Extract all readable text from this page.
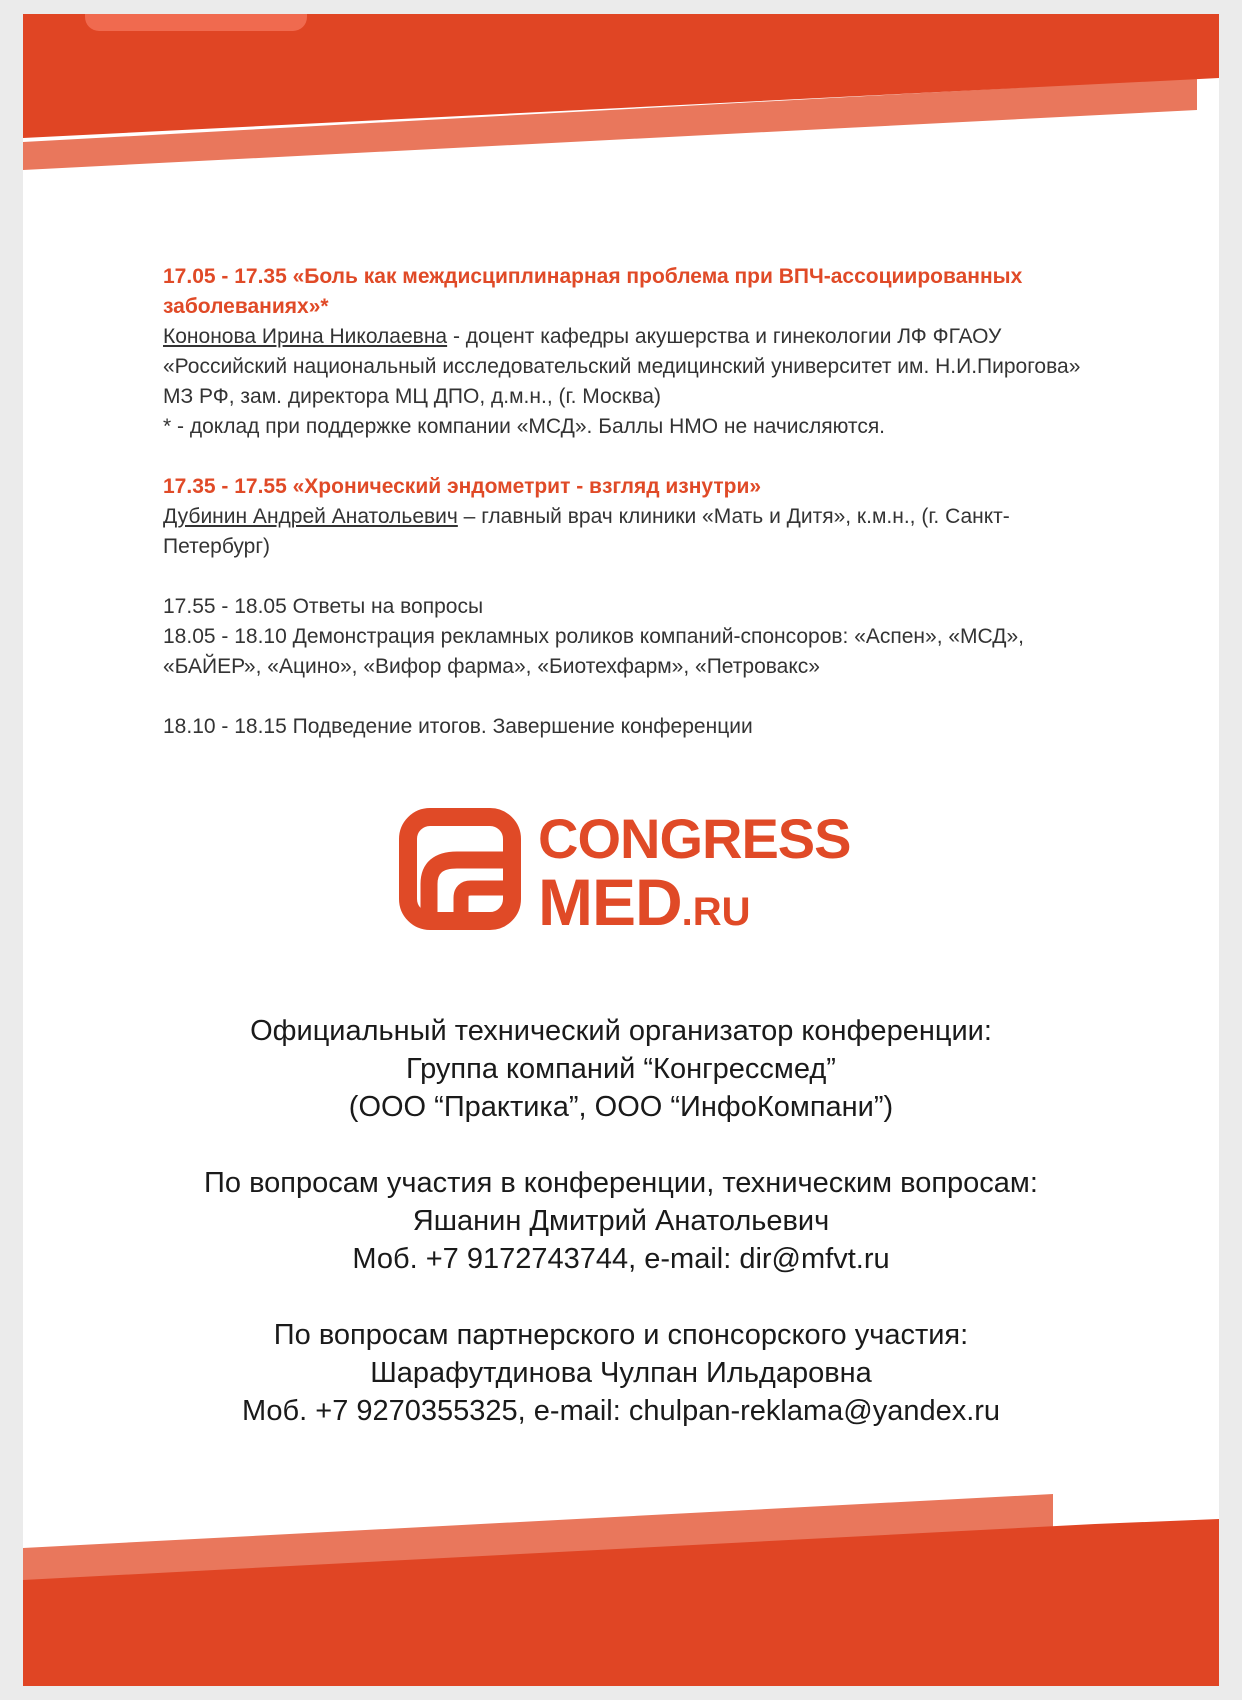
17.05 - 17.35 «Боль как междисциплинарная проблема при ВПЧ-ассоциированных заболеваниях»*

Кононова Ирина Николаевна - доцент кафедры акушерства и гинекологии ЛФ ФГАОУ «Российский национальный исследовательский медицинский университет им. Н.И.Пирогова» МЗ РФ, зам. директора МЦ ДПО, д.м.н., (г. Москва)

* - доклад при поддержке компании «МСД». Баллы НМО не начисляются.

17.35 - 17.55 «Хронический эндометрит - взгляд изнутри»

Дубинин Андрей Анатольевич – главный врач клиники «Мать и Дитя», к.м.н., (г. Санкт-Петербург)

17.55 - 18.05 Ответы на вопросы

18.05 - 18.10 Демонстрация рекламных роликов компаний-спонсоров: «Аспен», «МСД», «БАЙЕР», «Ацино», «Вифор фарма», «Биотехфарм», «Петровакс»

18.10 - 18.15 Подведение итогов. Завершение конференции

CONGRESS
MED.RU

Официальный технический организатор конференции:

Группа компаний “Конгрессмед”

(ООО “Практика”, ООО “ИнфоКомпани”)

По вопросам участия в конференции, техническим вопросам:

Яшанин Дмитрий Анатольевич

Моб. +7 9172743744, e-mail: dir@mfvt.ru

По вопросам партнерского и спонсорского участия:

Шарафутдинова Чулпан Ильдаровна

Моб. +7 9270355325, e-mail: chulpan-reklama@yandex.ru
